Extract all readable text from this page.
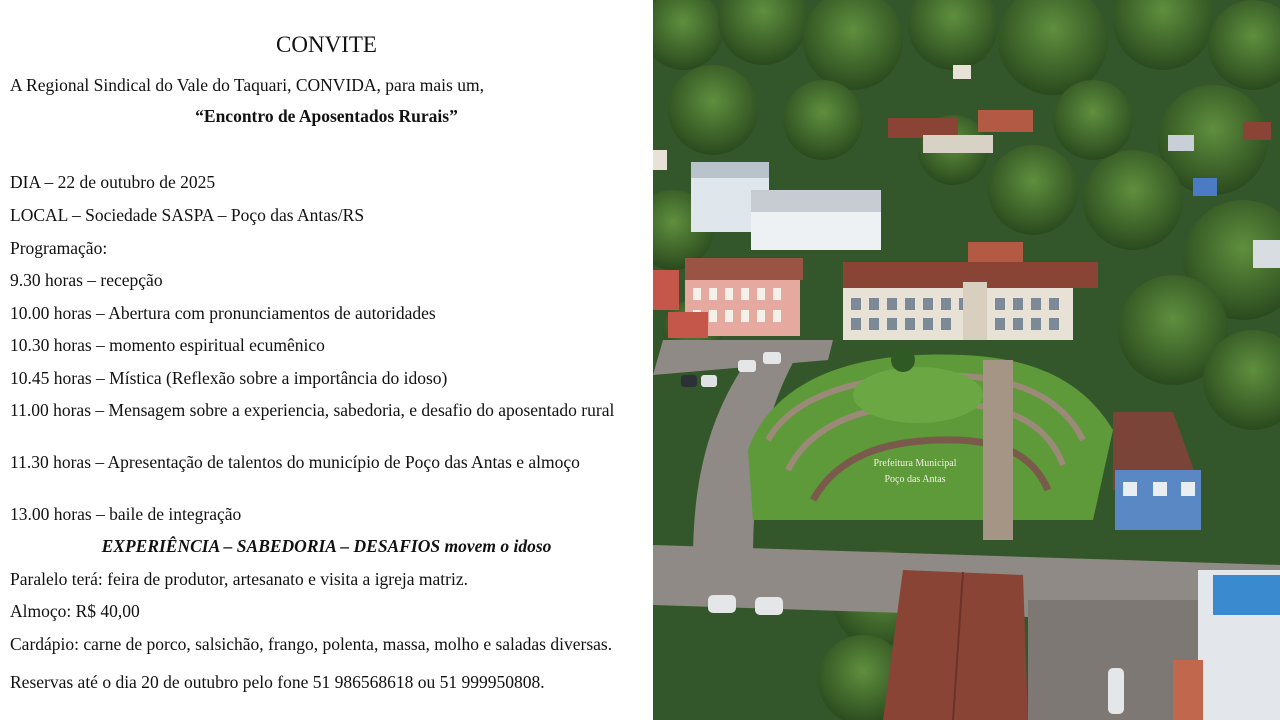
CONVITE
A Regional Sindical do Vale do Taquari, CONVIDA, para mais um,
“Encontro de Aposentados Rurais”
DIA – 22 de outubro de 2025
LOCAL – Sociedade SASPA – Poço das Antas/RS
Programação:
9.30 horas – recepção
10.00 horas – Abertura com pronunciamentos de autoridades
10.30 horas – momento espiritual ecumênico
10.45 horas – Mística (Reflexão sobre a importância do idoso)
11.00 horas – Mensagem sobre a experiencia, sabedoria, e desafio do aposentado rural
11.30 horas – Apresentação de talentos do município de Poço das Antas e almoço
13.00 horas – baile de integração
EXPERIÊNCIA – SABEDORIA – DESAFIOS movem o idoso
Paralelo terá: feira de produtor, artesanato e visita a igreja matriz.
Almoço: R$ 40,00
Cardápio: carne de porco, salsichão, frango, polenta, massa, molho e saladas diversas.
Reservas até o dia 20 de outubro pelo fone 51 986568618 ou 51 999950808.
Prefeitura Municipal
Poço das Antas
